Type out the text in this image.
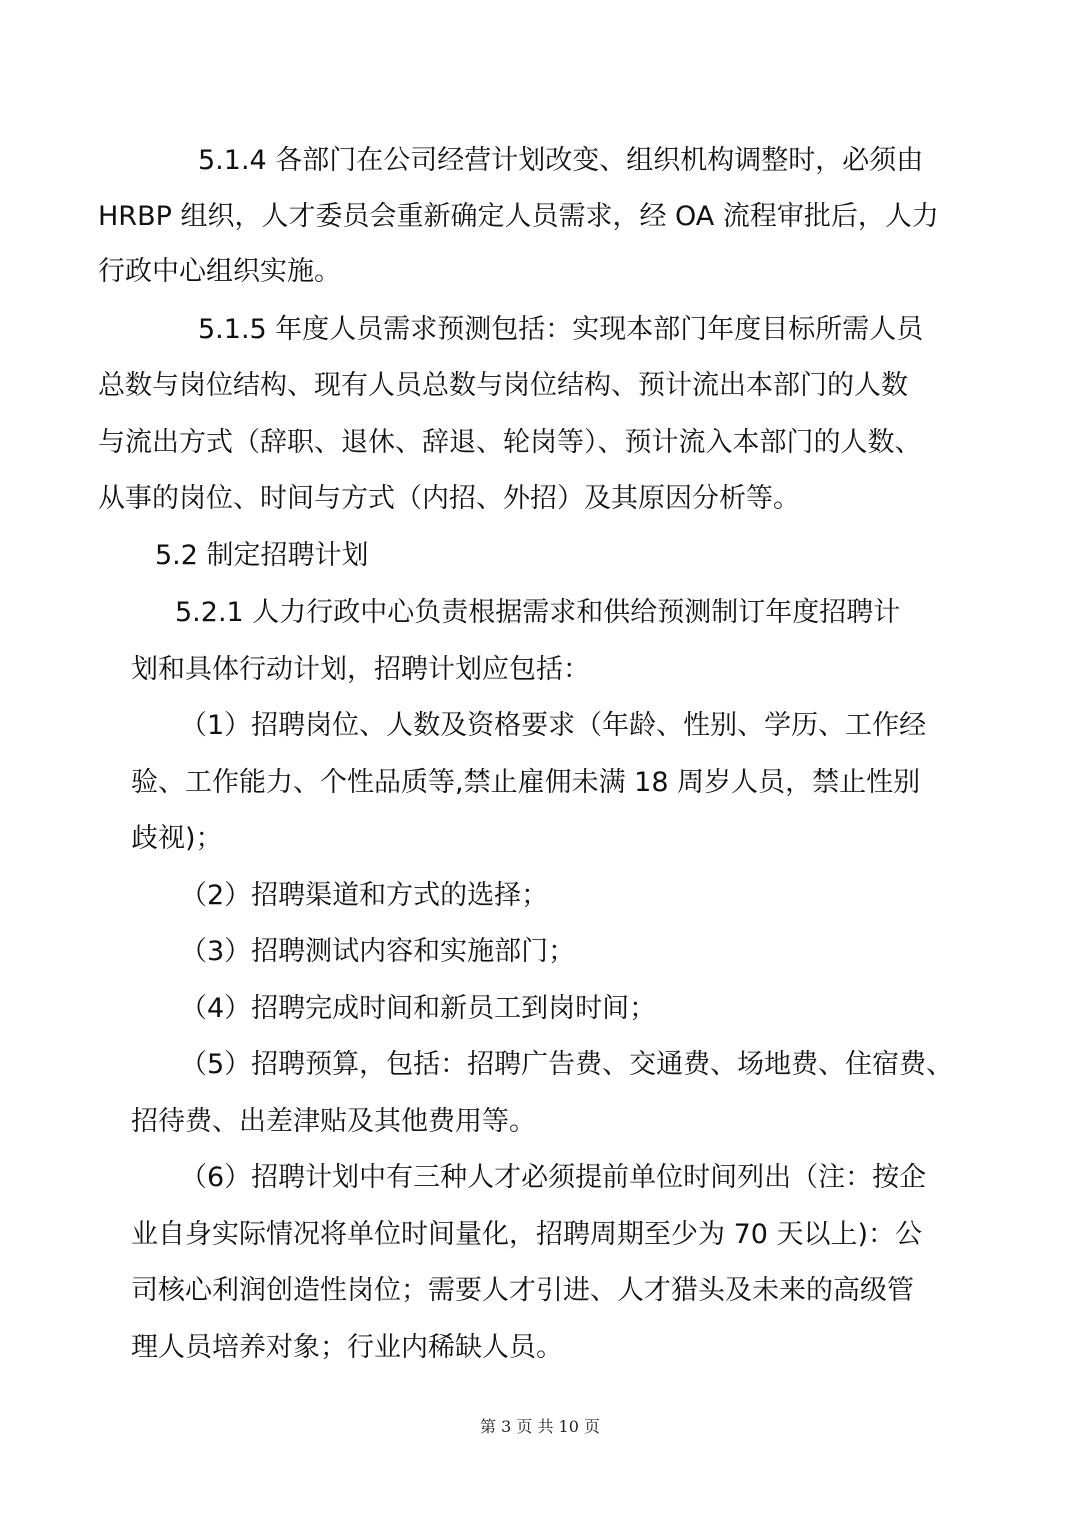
5.1.4 各部门在公司经营计划改变、组织机构调整时，必须由
HRBP 组织，人才委员会重新确定人员需求，经 OA 流程审批后，人力
行政中心组织实施。
5.1.5 年度人员需求预测包括：实现本部门年度目标所需人员
总数与岗位结构、现有人员总数与岗位结构、预计流出本部门的人数
与流出方式（辞职、退休、辞退、轮岗等）、预计流入本部门的人数、
从事的岗位、时间与方式（内招、外招）及其原因分析等。
5.2 制定招聘计划
5.2.1 人力行政中心负责根据需求和供给预测制订年度招聘计
划和具体行动计划，招聘计划应包括：
（1）招聘岗位、人数及资格要求（年龄、性别、学历、工作经
验、工作能力、个性品质等,禁止雇佣未满 18 周岁人员，禁止性别
歧视)；
（2）招聘渠道和方式的选择；
（3）招聘测试内容和实施部门；
（4）招聘完成时间和新员工到岗时间；
（5）招聘预算，包括：招聘广告费、交通费、场地费、住宿费、
招待费、出差津贴及其他费用等。
（6）招聘计划中有三种人才必须提前单位时间列出（注：按企
业自身实际情况将单位时间量化，招聘周期至少为 70 天以上)：公
司核心利润创造性岗位；需要人才引进、人才猎头及未来的高级管
理人员培养对象；行业内稀缺人员。
第 3 页 共 10 页
